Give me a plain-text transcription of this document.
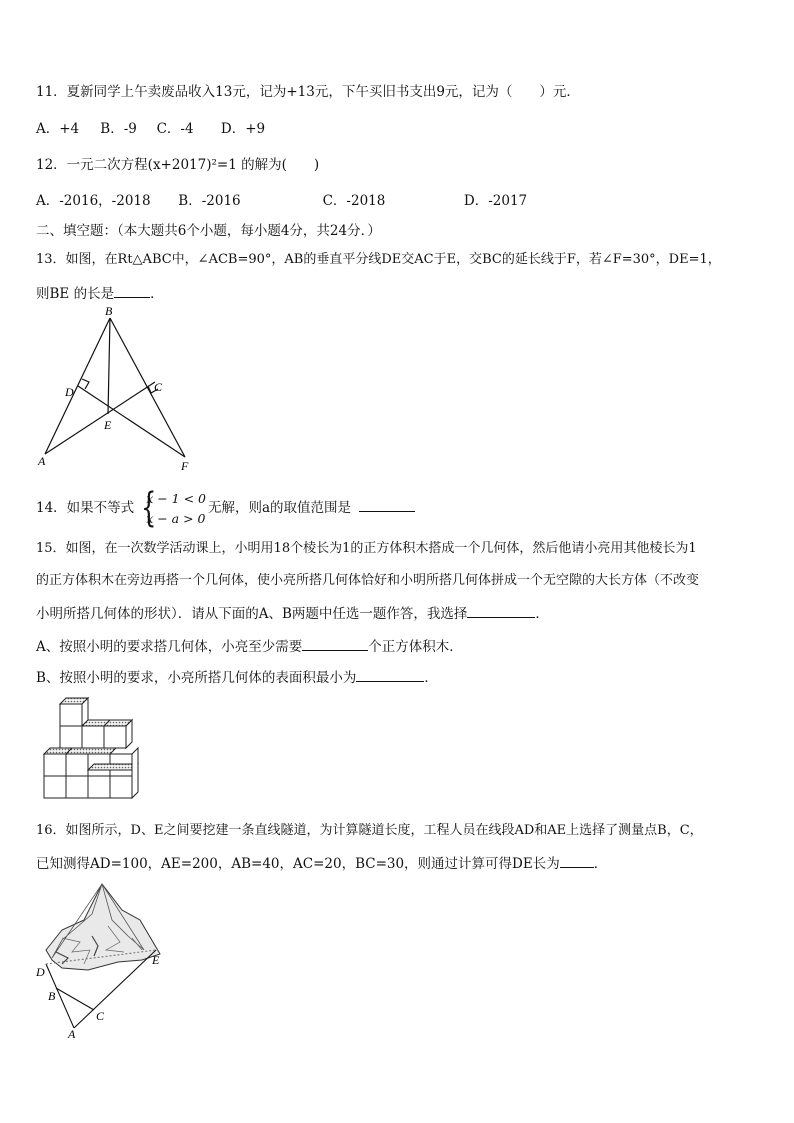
11．夏新同学上午卖废品收入13元，记为+13元，下午买旧书支出9元，记为（　　）元．
A．+4 B．-9 C．-4 D．+9
12．一元二次方程(x+2017)²=1 的解为(　　)
A．-2016，-2018 B．-2016	C．-2018	D．-2017
二、填空题：（本大题共6个小题，每小题4分，共24分．）
13．如图，在Rt△ABC中，∠ACB=90°，AB的垂直平分线DE交AC于E，交BC的延长线于F，若∠F=30°，DE=1，
则BE 的长是	．
B
D	C
E
A	F
14．如果不等式 {
x − 1 < 0
x − a > 0
无解，则a的取值范围是
15．如图，在一次数学活动课上，小明用18个棱长为1的正方体积木搭成一个几何体，然后他请小亮用其他棱长为1
的正方体积木在旁边再搭一个几何体，使小亮所搭几何体恰好和小明所搭几何体拼成一个无空隙的大长方体（不改变
小明所搭几何体的形状）．请从下面的A、B两题中任选一题作答，我选择	．
A、按照小明的要求搭几何体，小亮至少需要	个正方体积木．
B、按照小明的要求，小亮所搭几何体的表面积最小为	．
16．如图所示，D、E之间要挖建一条直线隧道，为计算隧道长度，工程人员在线段AD和AE上选择了测量点B，C，
已知测得AD=100，AE=200，AB=40，AC=20，BC=30，则通过计算可得DE长为	．
D
E
B
C
A
